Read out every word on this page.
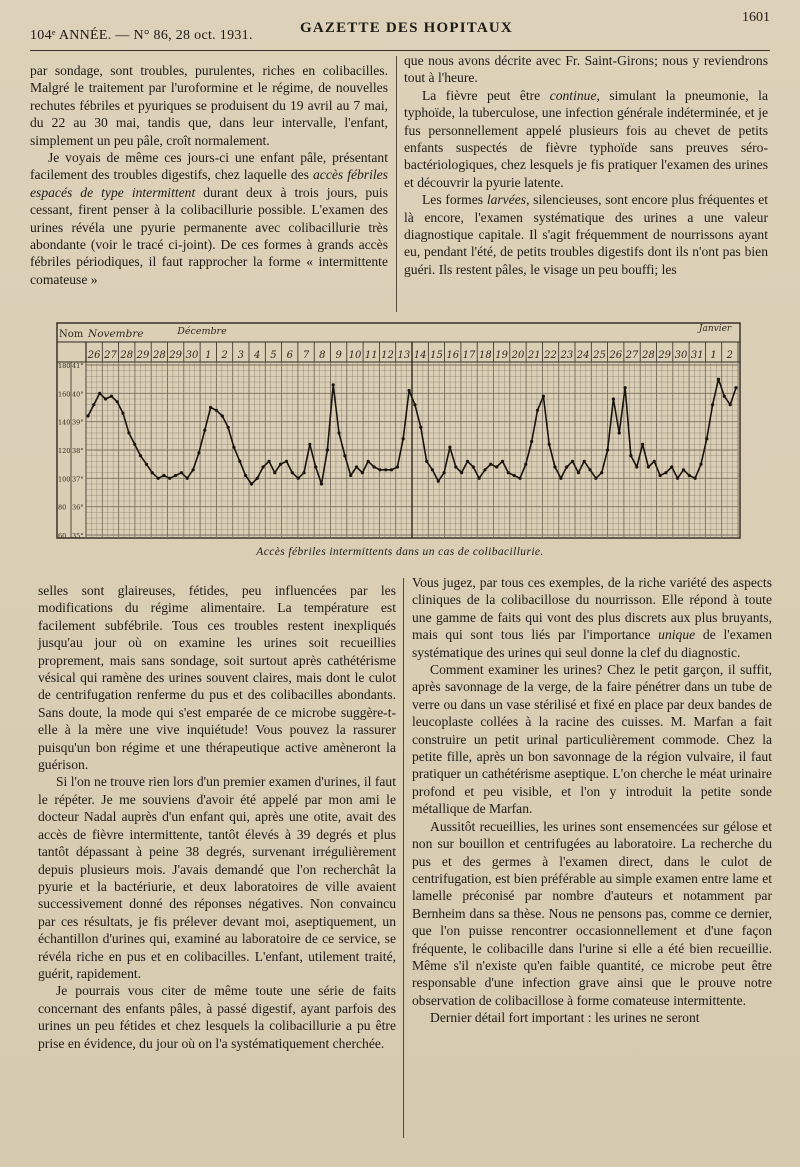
104ᵉ ANNÉE. — N° 86, 28 oct. 1931.	GAZETTE DES HOPITAUX
1601

par sondage, sont troubles, purulentes, riches en colibacilles. Malgré le traitement par l'uroformine et le régime, de nouvelles rechutes fébriles et pyuriques se produisent du 19 avril au 7 mai, du 22 au 30 mai, tandis que, dans leur intervalle, l'enfant, simplement un peu pâle, croît normalement.

Je voyais de même ces jours-ci une enfant pâle, présentant facilement des troubles digestifs, chez laquelle des accès fébriles espacés de type intermittent durant deux à trois jours, puis cessant, firent penser à la colibacillurie possible. L'examen des urines révéla une pyurie permanente avec colibacillurie très abondante (voir le tracé ci-joint). De ces formes à grands accès fébriles périodiques, il faut rapprocher la forme « intermittente comateuse »

que nous avons décrite avec Fr. Saint-Girons; nous y reviendrons tout à l'heure.

La fièvre peut être continue, simulant la pneumonie, la typhoïde, la tuberculose, une infection générale indéterminée, et je fus personnellement appelé plusieurs fois au chevet de petits enfants suspectés de fièvre typhoïde sans preuves séro-bactériologiques, chez lesquels je fis pratiquer l'examen des urines et découvrir la pyurie latente.

Les formes larvées, silencieuses, sont encore plus fréquentes et là encore, l'examen systématique des urines a une valeur diagnostique capitale. Il s'agit fréquemment de nourrissons ayant eu, pendant l'été, de petits troubles digestifs dont ils n'ont pas bien guéri. Ils restent pâles, le visage un peu bouffi; les

Nom Novembre	Décembre	Janvier
26 27 28 29 28 29 30 1 2 3 4 5 6 7 8 9 10 11 12 13 14 15 16 17 18 19 20 21 22 23 24 25 26 27 28 29 30 31 1 2
180
160
140
120
100
80
60
41°
40°
39°
38°
37°
36°
35°
Accès fébriles intermittents dans un cas de colibacillurie.

selles sont glaireuses, fétides, peu influencées par les modifications du régime alimentaire. La température est facilement subfébrile. Tous ces troubles restent inexpliqués jusqu'au jour où on examine les urines soit recueillies proprement, mais sans sondage, soit surtout après cathétérisme vésical qui ramène des urines souvent claires, mais dont le culot de centrifugation renferme du pus et des colibacilles abondants. Sans doute, la mode qui s'est emparée de ce microbe suggère-t-elle à la mère une vive inquiétude! Vous pouvez la rassurer puisqu'un bon régime et une thérapeutique active amèneront la guérison.

Si l'on ne trouve rien lors d'un premier examen d'urines, il faut le répéter. Je me souviens d'avoir été appelé par mon ami le docteur Nadal auprès d'un enfant qui, après une otite, avait des accès de fièvre intermittente, tantôt élevés à 39 degrés et plus tantôt dépassant à peine 38 degrés, survenant irrégulièrement depuis plusieurs mois. J'avais demandé que l'on recherchât la pyurie et la bactériurie, et deux laboratoires de ville avaient successivement donné des réponses négatives. Non convaincu par ces résultats, je fis prélever devant moi, aseptiquement, un échantillon d'urines qui, examiné au laboratoire de ce service, se révéla riche en pus et en colibacilles. L'enfant, utilement traité, guérit, rapidement.

Je pourrais vous citer de même toute une série de faits concernant des enfants pâles, à passé digestif, ayant parfois des urines un peu fétides et chez lesquels la colibacillurie a pu être prise en évidence, du jour où on l'a systématiquement cherchée.

Vous jugez, par tous ces exemples, de la riche variété des aspects cliniques de la colibacillose du nourrisson. Elle répond à toute une gamme de faits qui vont des plus discrets aux plus bruyants, mais qui sont tous liés par l'importance unique de l'examen systématique des urines qui seul donne la clef du diagnostic.

Comment examiner les urines? Chez le petit garçon, il suffit, après savonnage de la verge, de la faire pénétrer dans un tube de verre ou dans un vase stérilisé et fixé en place par deux bandes de leucoplaste collées à la racine des cuisses. M. Marfan a fait construire un petit urinal particulièrement commode. Chez la petite fille, après un bon savonnage de la région vulvaire, il faut pratiquer un cathétérisme aseptique. L'on cherche le méat urinaire profond et peu visible, et l'on y introduit la petite sonde métallique de Marfan.

Aussitôt recueillies, les urines sont ensemencées sur gélose et non sur bouillon et centrifugées au laboratoire. La recherche du pus et des germes à l'examen direct, dans le culot de centrifugation, est bien préférable au simple examen entre lame et lamelle préconisé par nombre d'auteurs et notamment par Bernheim dans sa thèse. Nous ne pensons pas, comme ce dernier, que l'on puisse rencontrer occasionnellement et d'une façon fréquente, le colibacille dans l'urine si elle a été bien recueillie. Même s'il n'existe qu'en faible quantité, ce microbe peut être responsable d'une infection grave ainsi que le prouve notre observation de colibacillose à forme comateuse intermittente.

Dernier détail fort important : les urines ne seront
